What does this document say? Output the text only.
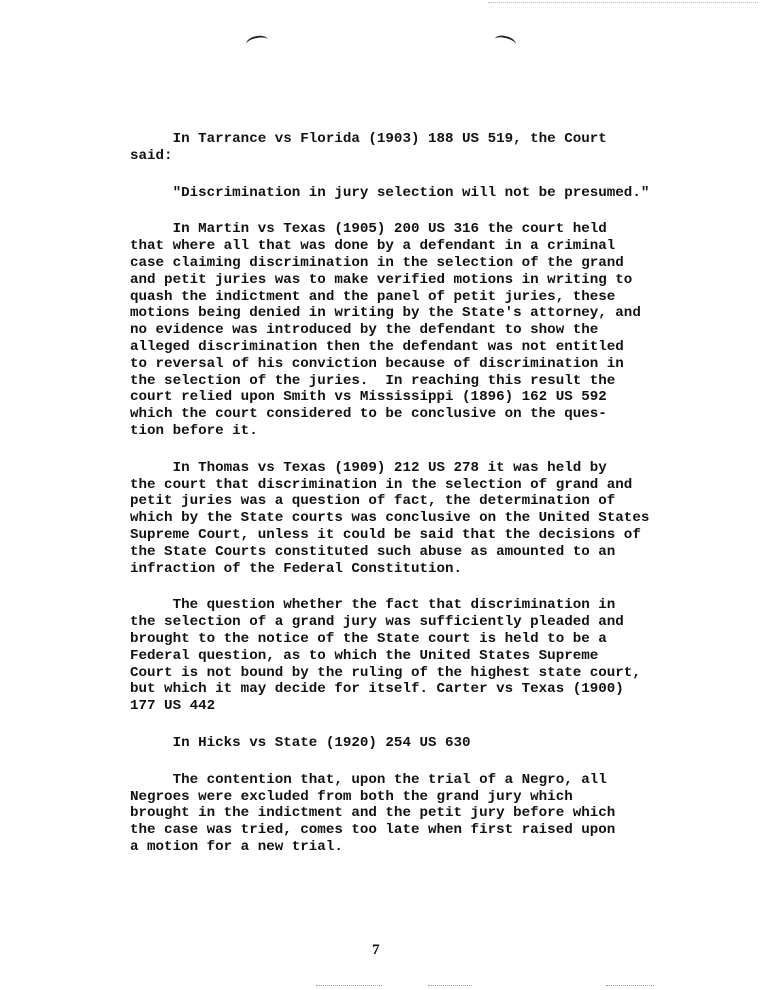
In Tarrance vs Florida (1903) 188 US 519, the Court

said:

"Discrimination in jury selection will not be presumed."

In Martin vs Texas (1905) 200 US 316 the court held

that where all that was done by a defendant in a criminal

case claiming discrimination in the selection of the grand

and petit juries was to make verified motions in writing to

quash the indictment and the panel of petit juries, these

motions being denied in writing by the State's attorney, and

no evidence was introduced by the defendant to show the

alleged discrimination then the defendant was not entitled

to reversal of his conviction because of discrimination in

the selection of the juries.  In reaching this result the

court relied upon Smith vs Mississippi (1896) 162 US 592

which the court considered to be conclusive on the ques-

tion before it.

In Thomas vs Texas (1909) 212 US 278 it was held by

the court that discrimination in the selection of grand and

petit juries was a question of fact, the determination of

which by the State courts was conclusive on the United States

Supreme Court, unless it could be said that the decisions of

the State Courts constituted such abuse as amounted to an

infraction of the Federal Constitution.

The question whether the fact that discrimination in

the selection of a grand jury was sufficiently pleaded and

brought to the notice of the State court is held to be a

Federal question, as to which the United States Supreme

Court is not bound by the ruling of the highest state court,

but which it may decide for itself. Carter vs Texas (1900)

177 US 442

In Hicks vs State (1920) 254 US 630

The contention that, upon the trial of a Negro, all

Negroes were excluded from both the grand jury which

brought in the indictment and the petit jury before which

the case was tried, comes too late when first raised upon

a motion for a new trial.

7
